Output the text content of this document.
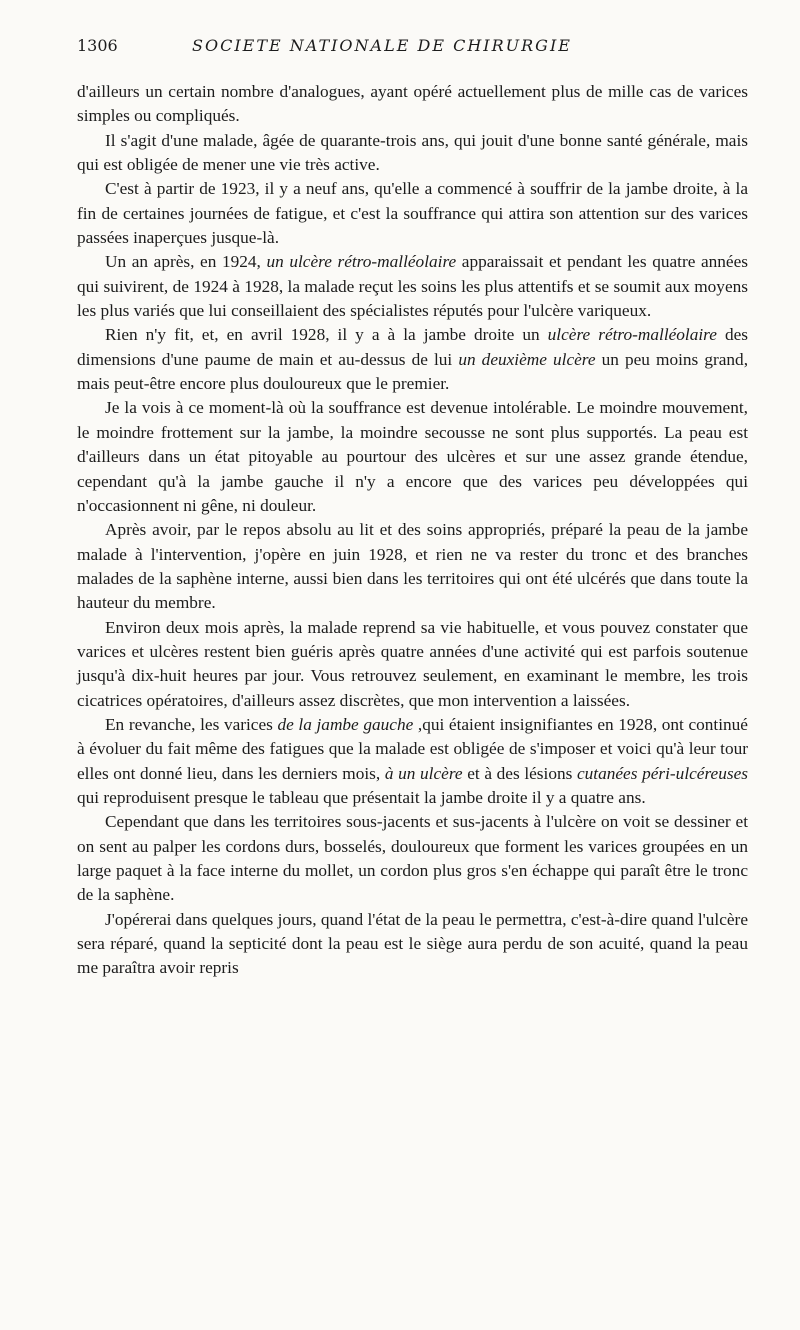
1306	SOCIETE NATIONALE DE CHIRURGIE

d'ailleurs un certain nombre d'analogues, ayant opéré actuellement plus de mille cas de varices simples ou compliqués.

Il s'agit d'une malade, âgée de quarante-trois ans, qui jouit d'une bonne santé générale, mais qui est obligée de mener une vie très active.

C'est à partir de 1923, il y a neuf ans, qu'elle a commencé à souffrir de la jambe droite, à la fin de certaines journées de fatigue, et c'est la souffrance qui attira son attention sur des varices passées inaperçues jusque-là.

Un an après, en 1924, un ulcère rétro-malléolaire apparaissait et pendant les quatre années qui suivirent, de 1924 à 1928, la malade reçut les soins les plus attentifs et se soumit aux moyens les plus variés que lui conseillaient des spécialistes réputés pour l'ulcère variqueux.

Rien n'y fit, et, en avril 1928, il y a à la jambe droite un ulcère rétro-malléolaire des dimensions d'une paume de main et au-dessus de lui un deuxième ulcère un peu moins grand, mais peut-être encore plus douloureux que le premier.

Je la vois à ce moment-là où la souffrance est devenue intolérable. Le moindre mouvement, le moindre frottement sur la jambe, la moindre secousse ne sont plus supportés. La peau est d'ailleurs dans un état pitoyable au pourtour des ulcères et sur une assez grande étendue, cependant qu'à la jambe gauche il n'y a encore que des varices peu développées qui n'occasionnent ni gêne, ni douleur.

Après avoir, par le repos absolu au lit et des soins appropriés, préparé la peau de la jambe malade à l'intervention, j'opère en juin 1928, et rien ne va rester du tronc et des branches malades de la saphène interne, aussi bien dans les territoires qui ont été ulcérés que dans toute la hauteur du membre.

Environ deux mois après, la malade reprend sa vie habituelle, et vous pouvez constater que varices et ulcères restent bien guéris après quatre années d'une activité qui est parfois soutenue jusqu'à dix-huit heures par jour. Vous retrouvez seulement, en examinant le membre, les trois cicatrices opératoires, d'ailleurs assez discrètes, que mon intervention a laissées.

En revanche, les varices de la jambe gauche ,qui étaient insignifiantes en 1928, ont continué à évoluer du fait même des fatigues que la malade est obligée de s'imposer et voici qu'à leur tour elles ont donné lieu, dans les derniers mois, à un ulcère et à des lésions cutanées péri-ulcéreuses qui reproduisent presque le tableau que présentait la jambe droite il y a quatre ans.

Cependant que dans les territoires sous-jacents et sus-jacents à l'ulcère on voit se dessiner et on sent au palper les cordons durs, bosselés, douloureux que forment les varices groupées en un large paquet à la face interne du mollet, un cordon plus gros s'en échappe qui paraît être le tronc de la saphène.

J'opérerai dans quelques jours, quand l'état de la peau le permettra, c'est-à-dire quand l'ulcère sera réparé, quand la septicité dont la peau est le siège aura perdu de son acuité, quand la peau me paraîtra avoir repris
